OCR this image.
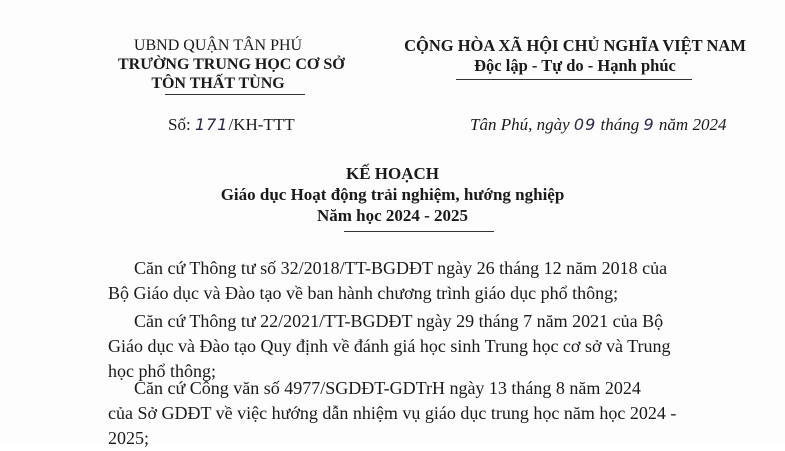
UBND QUẬN TÂN PHÚ
TRƯỜNG TRUNG HỌC CƠ SỞ
TÔN THẤT TÙNG
CỘNG HÒA XÃ HỘI CHỦ NGHĨA VIỆT NAM
Độc lập - Tự do - Hạnh phúc
Số: 171/KH-TTT	Tân Phú, ngày 09 tháng 9 năm 2024
KẾ HOẠCH
Giáo dục Hoạt động trải nghiệm, hướng nghiệp
Năm học 2024 - 2025
Căn cứ Thông tư số 32/2018/TT-BGDĐT ngày 26 tháng 12 năm 2018 của
Bộ Giáo dục và Đào tạo về ban hành chương trình giáo dục phổ thông;
Căn cứ Thông tư 22/2021/TT-BGDĐT ngày 29 tháng 7 năm 2021 của Bộ
Giáo dục và Đào tạo Quy định về đánh giá học sinh Trung học cơ sở và Trung
học phổ thông;
Căn cứ Công văn số 4977/SGDĐT-GDTrH ngày 13 tháng 8 năm 2024
của Sở GDĐT về việc hướng dẫn nhiệm vụ giáo dục trung học năm học 2024 -
2025;
